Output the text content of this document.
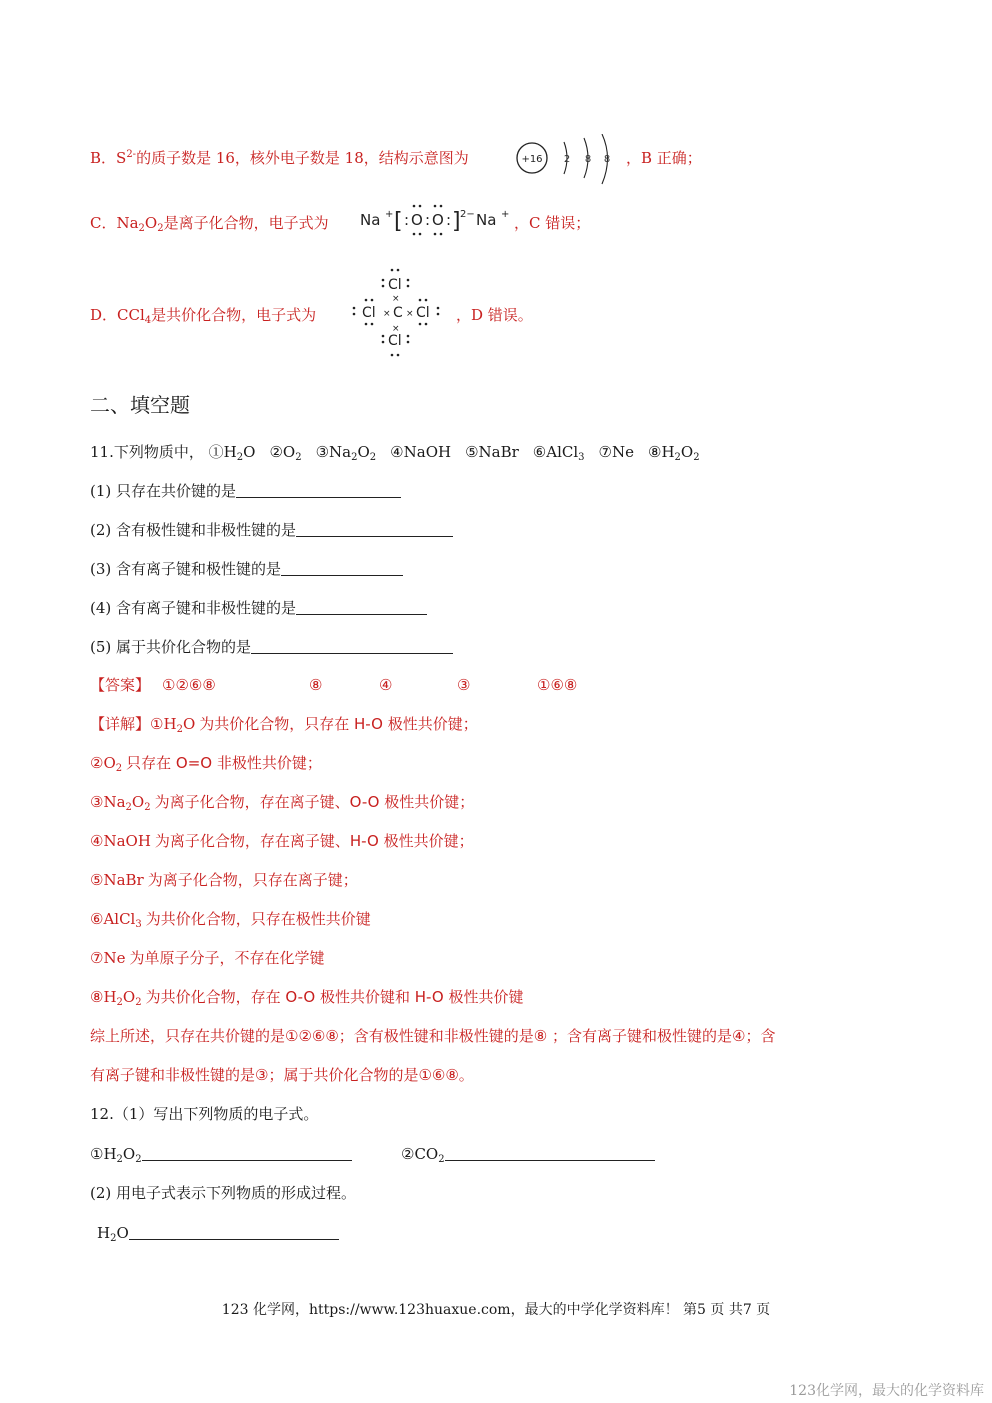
B．$S^{2-}$的质子数是 16，核外电子数是 18，结构示意图为	+16 2 8 8 ，B 正确；
C．$Na_2O_2$是离子化合物，电子式为 Na + [ : O : O : ] 2− Na + ，C 错误；
D．CCl$_4$是共价化合物，电子式为
Cl
Cl C Cl
Cl
×
× ×
×
，D 错误。
二、填空题
11.下列物质中， $①H_2O$ $②O_2$ $③Na_2O_2$ ④NaOH ⑤NaBr ⑥AlCl$_3$ ⑦Ne $⑧H_2O_2$
(1) 只存在共价键的是
(2) 含有极性键和非极性键的是
(3) 含有离子键和极性键的是
(4) 含有离子键和非极性键的是
(5) 属于共价化合物的是
【答案】 ①②⑥⑧	⑧	④	③	①⑥⑧
【详解】$①H_2O$ 为共价化合物，只存在 H-O 极性共价键；
$②O_2$ 只存在 O=O 非极性共价键；
$③Na_2O_2$ 为离子化合物，存在离子键、O-O 极性共价键；
④NaOH 为离子化合物，存在离子键、H-O 极性共价键；
⑤NaBr 为离子化合物，只存在离子键；
⑥AlCl$_3$ 为共价化合物，只存在极性共价键
⑦Ne 为单原子分子，不存在化学键
$⑧H_2O_2$ 为共价化合物，存在 O-O 极性共价键和 H-O 极性共价键
综上所述，只存在共价键的是①②⑥⑧；含有极性键和非极性键的是⑧ ；含有离子键和极性键的是④；含
有离子键和非极性键的是③；属于共价化合物的是①⑥⑧。
12.（1）写出下列物质的电子式。
$①H_2O_2$	$②CO_2$
(2) 用电子式表示下列物质的形成过程。
$H_2O$
123 化学网，https://www.123huaxue.com，最大的中学化学资料库！ 第5 页 共7 页
123化学网，最大的化学资料库
